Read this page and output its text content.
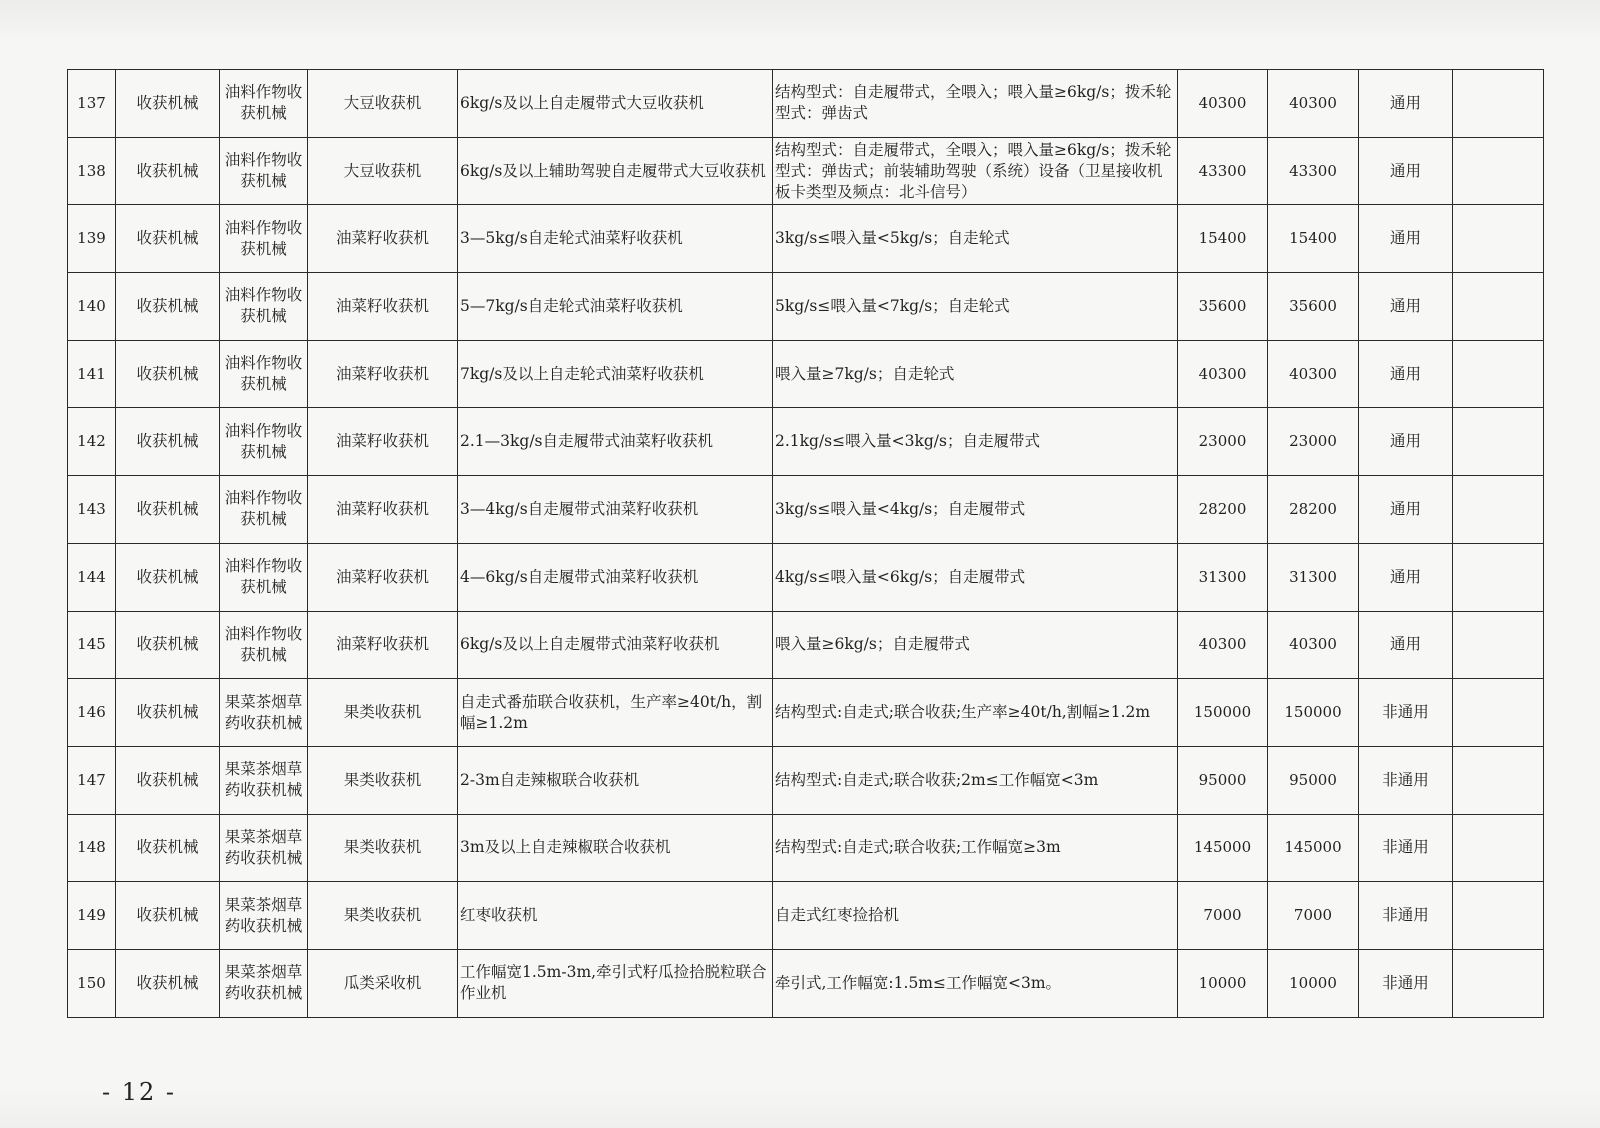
137	收获机械	油料作物收获机械	大豆收获机	6kg/s及以上自走履带式大豆收获机	结构型式：自走履带式，全喂入；喂入量≥6kg/s；拨禾轮型式：弹齿式	40300	40300	通用	
138	收获机械	油料作物收获机械	大豆收获机	6kg/s及以上辅助驾驶自走履带式大豆收获机	结构型式：自走履带式，全喂入；喂入量≥6kg/s；拨禾轮型式：弹齿式；前装辅助驾驶（系统）设备（卫星接收机板卡类型及频点：北斗信号）	43300	43300	通用	
139	收获机械	油料作物收获机械	油菜籽收获机	3—5kg/s自走轮式油菜籽收获机	3kg/s≤喂入量<5kg/s；自走轮式	15400	15400	通用	
140	收获机械	油料作物收获机械	油菜籽收获机	5—7kg/s自走轮式油菜籽收获机	5kg/s≤喂入量<7kg/s；自走轮式	35600	35600	通用	
141	收获机械	油料作物收获机械	油菜籽收获机	7kg/s及以上自走轮式油菜籽收获机	喂入量≥7kg/s；自走轮式	40300	40300	通用	
142	收获机械	油料作物收获机械	油菜籽收获机	2.1—3kg/s自走履带式油菜籽收获机	2.1kg/s≤喂入量<3kg/s；自走履带式	23000	23000	通用	
143	收获机械	油料作物收获机械	油菜籽收获机	3—4kg/s自走履带式油菜籽收获机	3kg/s≤喂入量<4kg/s；自走履带式	28200	28200	通用	
144	收获机械	油料作物收获机械	油菜籽收获机	4—6kg/s自走履带式油菜籽收获机	4kg/s≤喂入量<6kg/s；自走履带式	31300	31300	通用	
145	收获机械	油料作物收获机械	油菜籽收获机	6kg/s及以上自走履带式油菜籽收获机	喂入量≥6kg/s；自走履带式	40300	40300	通用	
146	收获机械	果菜茶烟草药收获机械	果类收获机	自走式番茄联合收获机，生产率≥40t/h，割幅≥1.2m	结构型式:自走式;联合收获;生产率≥40t/h,割幅≥1.2m	150000	150000	非通用	
147	收获机械	果菜茶烟草药收获机械	果类收获机	2-3m自走辣椒联合收获机	结构型式:自走式;联合收获;2m≤工作幅宽<3m	95000	95000	非通用	
148	收获机械	果菜茶烟草药收获机械	果类收获机	3m及以上自走辣椒联合收获机	结构型式:自走式;联合收获;工作幅宽≥3m	145000	145000	非通用	
149	收获机械	果菜茶烟草药收获机械	果类收获机	红枣收获机	自走式红枣捡拾机	7000	7000	非通用	
150	收获机械	果菜茶烟草药收获机械	瓜类采收机	工作幅宽1.5m-3m,牵引式籽瓜捡拾脱粒联合作业机	牵引式,工作幅宽:1.5m≤工作幅宽<3m。	10000	10000	非通用	
- 12 -
